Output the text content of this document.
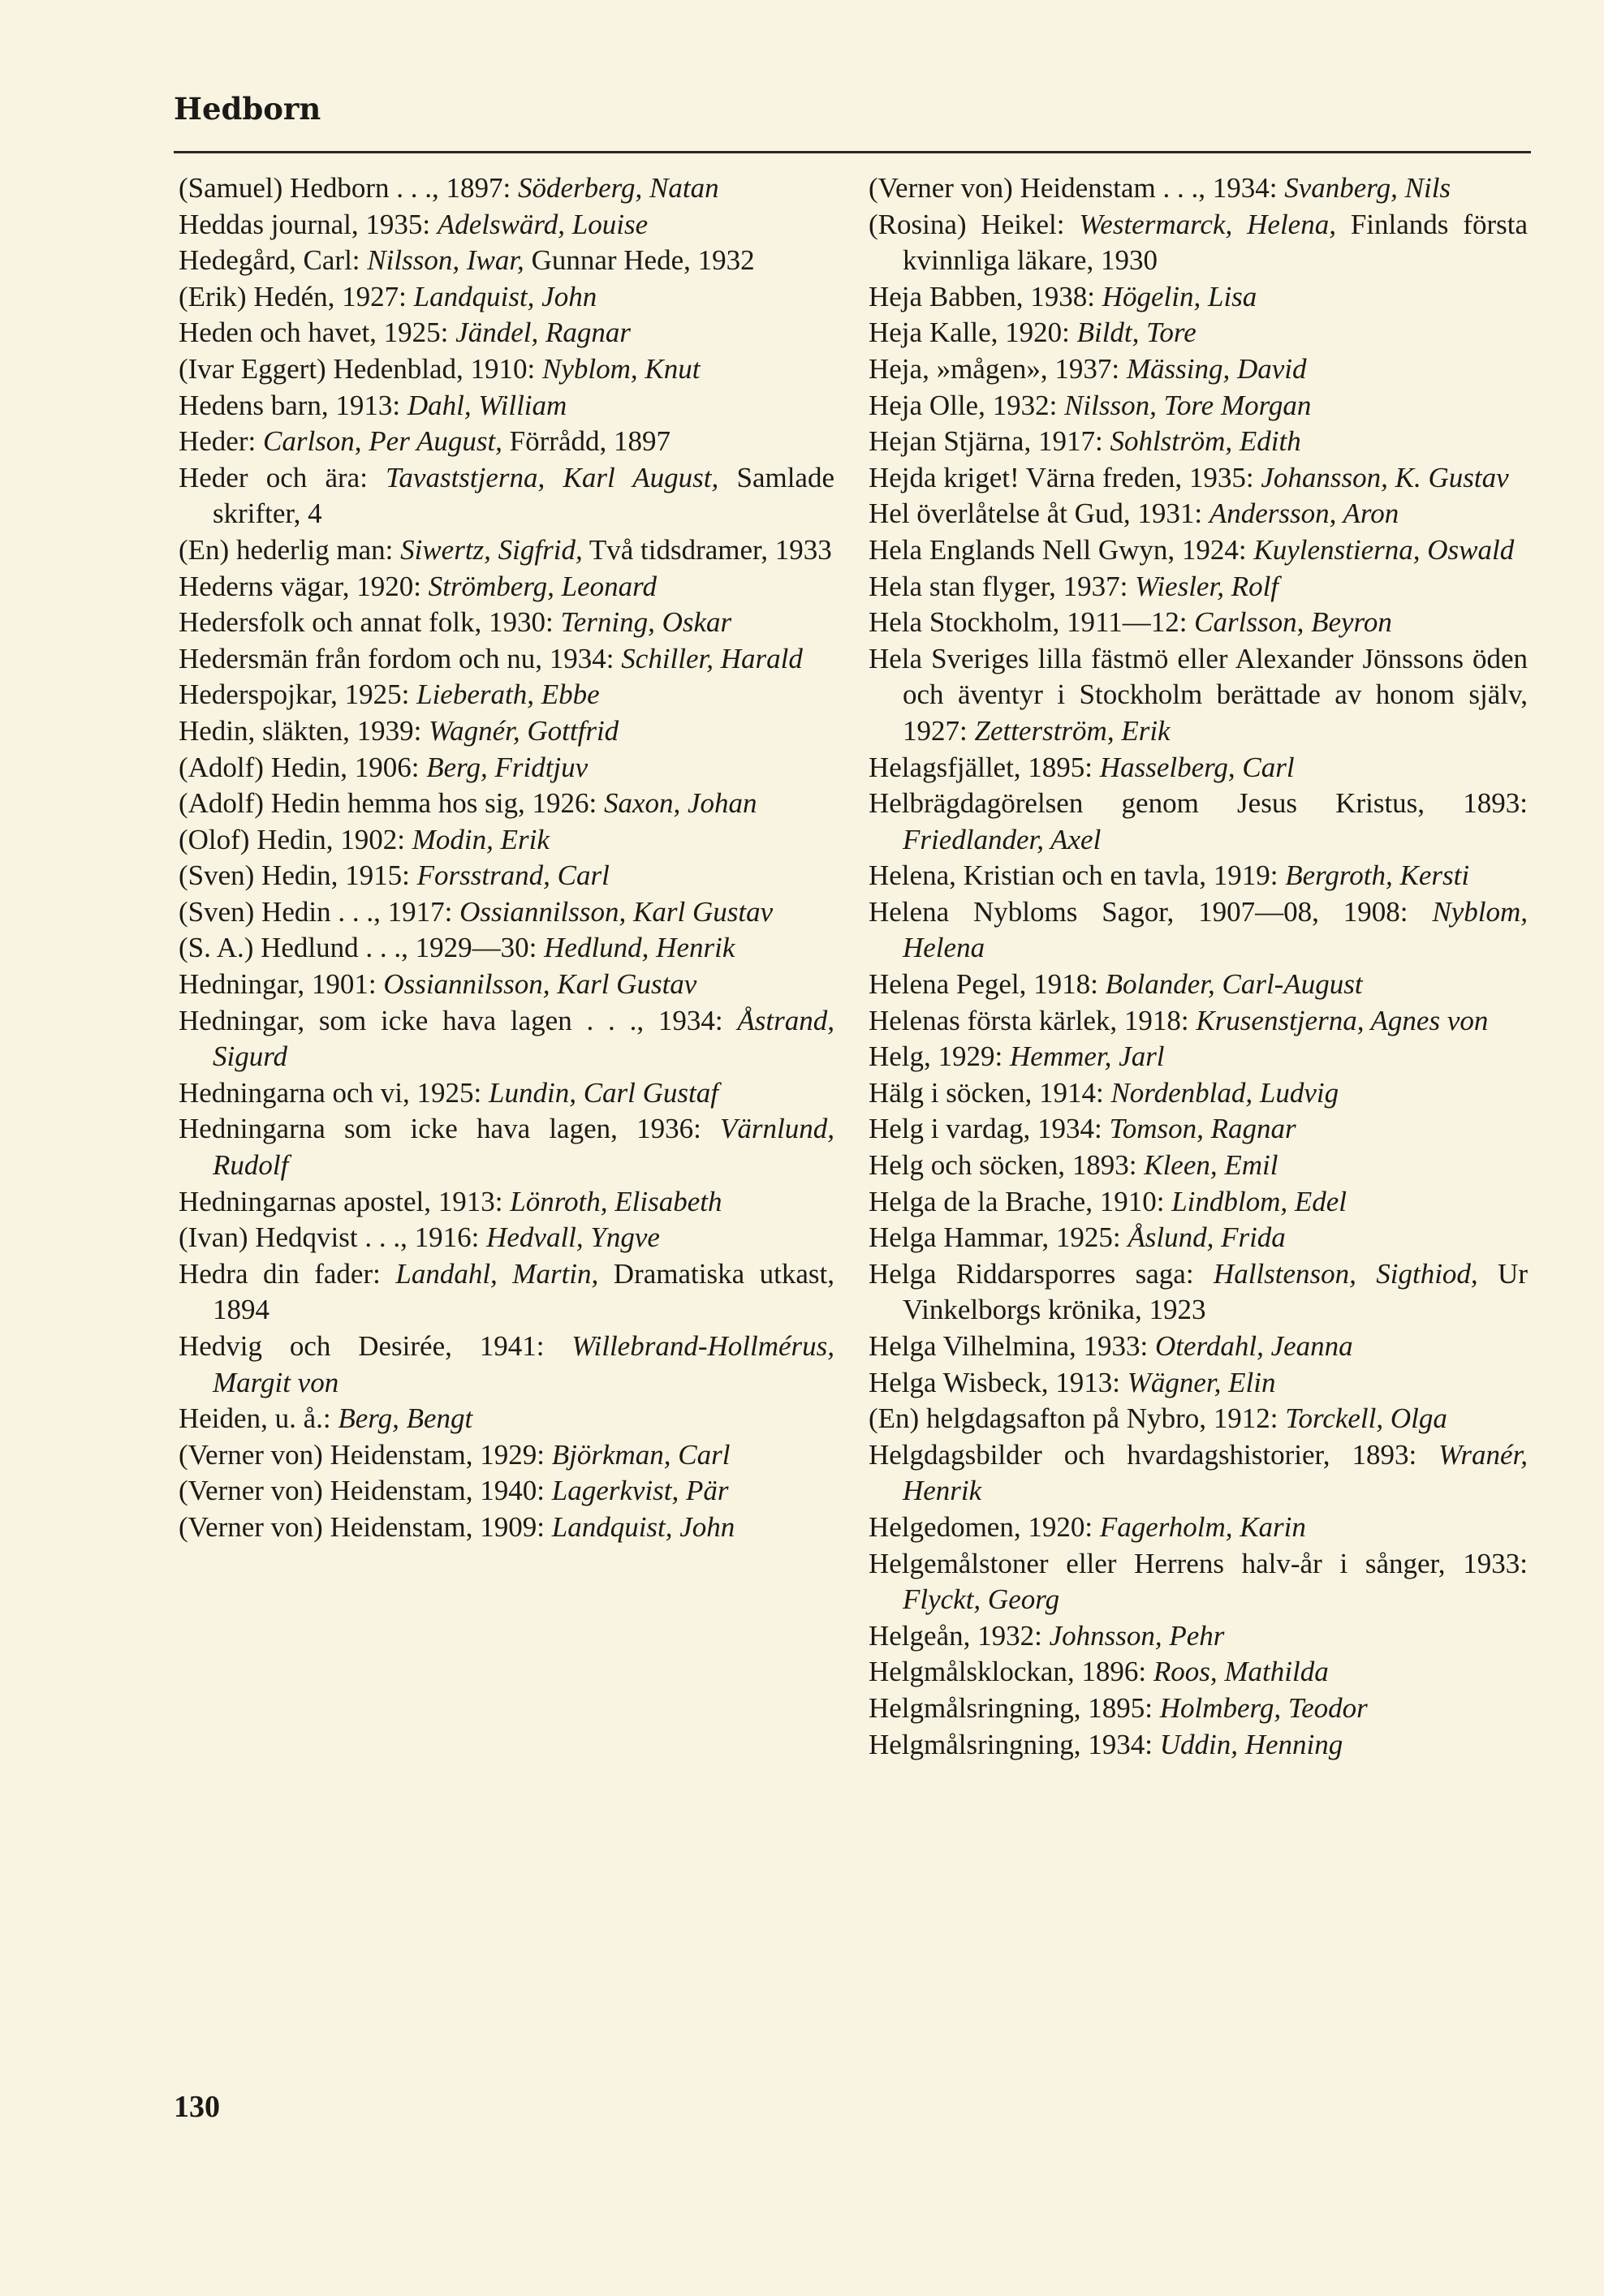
Hedborn
(Samuel) Hedborn . . ., 1897: Söderberg, Natan
Heddas journal, 1935: Adelswärd, Louise
Hedegård, Carl: Nilsson, Iwar, Gunnar Hede, 1932
(Erik) Hedén, 1927: Landquist, John
Heden och havet, 1925: Jändel, Ragnar
(Ivar Eggert) Hedenblad, 1910: Nyblom, Knut
Hedens barn, 1913: Dahl, William
Heder: Carlson, Per August, Förrådd, 1897
Heder och ära: Tavaststjerna, Karl August, Samlade skrifter, 4
(En) hederlig man: Siwertz, Sigfrid, Två tidsdramer, 1933
Hederns vägar, 1920: Strömberg, Leonard
Hedersfolk och annat folk, 1930: Terning, Oskar
Hedersmän från fordom och nu, 1934: Schiller, Harald
Hederspojkar, 1925: Lieberath, Ebbe
Hedin, släkten, 1939: Wagnér, Gottfrid
(Adolf) Hedin, 1906: Berg, Fridtjuv
(Adolf) Hedin hemma hos sig, 1926: Saxon, Johan
(Olof) Hedin, 1902: Modin, Erik
(Sven) Hedin, 1915: Forsstrand, Carl
(Sven) Hedin . . ., 1917: Ossiannilsson, Karl Gustav
(S. A.) Hedlund . . ., 1929—30: Hedlund, Henrik
Hedningar, 1901: Ossiannilsson, Karl Gustav
Hedningar, som icke hava lagen . . ., 1934: Åstrand, Sigurd
Hedningarna och vi, 1925: Lundin, Carl Gustaf
Hedningarna som icke hava lagen, 1936: Värnlund, Rudolf
Hedningarnas apostel, 1913: Lönroth, Elisabeth
(Ivan) Hedqvist . . ., 1916: Hedvall, Yngve
Hedra din fader: Landahl, Martin, Dramatiska utkast, 1894
Hedvig och Desirée, 1941: Willebrand-Hollmérus, Margit von
Heiden, u. å.: Berg, Bengt
(Verner von) Heidenstam, 1929: Björkman, Carl
(Verner von) Heidenstam, 1940: Lagerkvist, Pär
(Verner von) Heidenstam, 1909: Landquist, John
(Verner von) Heidenstam . . ., 1934: Svanberg, Nils
(Rosina) Heikel: Westermarck, Helena, Finlands första kvinnliga läkare, 1930
Heja Babben, 1938: Högelin, Lisa
Heja Kalle, 1920: Bildt, Tore
Heja, »mågen», 1937: Mässing, David
Heja Olle, 1932: Nilsson, Tore Morgan
Hejan Stjärna, 1917: Sohlström, Edith
Hejda kriget! Värna freden, 1935: Johansson, K. Gustav
Hel överlåtelse åt Gud, 1931: Andersson, Aron
Hela Englands Nell Gwyn, 1924: Kuylenstierna, Oswald
Hela stan flyger, 1937: Wiesler, Rolf
Hela Stockholm, 1911—12: Carlsson, Beyron
Hela Sveriges lilla fästmö eller Alexander Jönssons öden och äventyr i Stockholm berättade av honom själv, 1927: Zetterström, Erik
Helagsfjället, 1895: Hasselberg, Carl
Helbrägdagörelsen genom Jesus Kristus, 1893: Friedlander, Axel
Helena, Kristian och en tavla, 1919: Bergroth, Kersti
Helena Nybloms Sagor, 1907—08, 1908: Nyblom, Helena
Helena Pegel, 1918: Bolander, Carl-August
Helenas första kärlek, 1918: Krusenstjerna, Agnes von
Helg, 1929: Hemmer, Jarl
Hälg i söcken, 1914: Nordenblad, Ludvig
Helg i vardag, 1934: Tomson, Ragnar
Helg och söcken, 1893: Kleen, Emil
Helga de la Brache, 1910: Lindblom, Edel
Helga Hammar, 1925: Åslund, Frida
Helga Riddarsporres saga: Hallstenson, Sigthiod, Ur Vinkelborgs krönika, 1923
Helga Vilhelmina, 1933: Oterdahl, Jeanna
Helga Wisbeck, 1913: Wägner, Elin
(En) helgdagsafton på Nybro, 1912: Torckell, Olga
Helgdagsbilder och hvardagshistorier, 1893: Wranér, Henrik
Helgedomen, 1920: Fagerholm, Karin
Helgemålstoner eller Herrens halv-år i sånger, 1933: Flyckt, Georg
Helgeån, 1932: Johnsson, Pehr
Helgmålsklockan, 1896: Roos, Mathilda
Helgmålsringning, 1895: Holmberg, Teodor
Helgmålsringning, 1934: Uddin, Henning
130
